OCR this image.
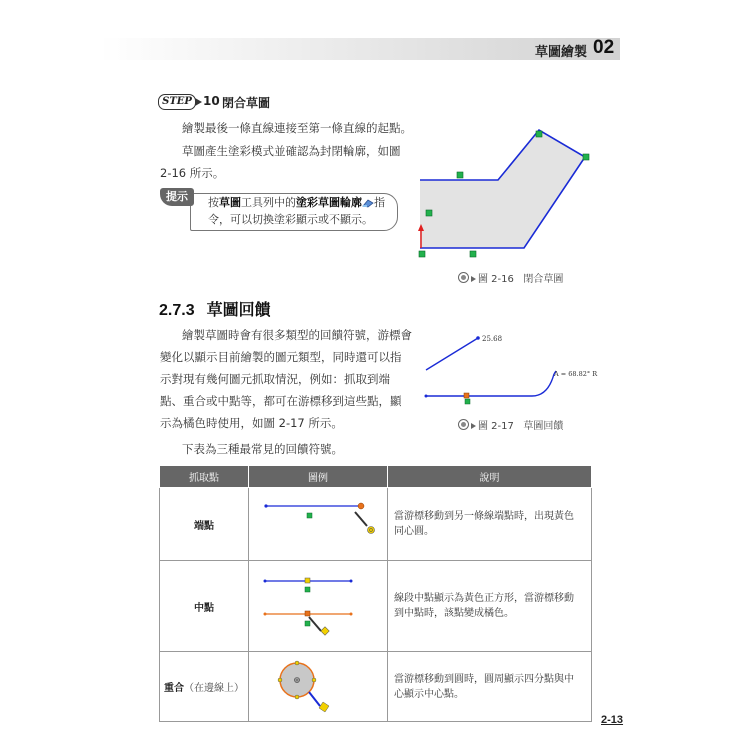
草圖繪製 02
STEP 10 閉合草圖
繪製最後一條直線連接至第一條直線的起點。
草圖產生塗彩模式並確認為封閉輪廓，如圖 2-16 所示。
提示	按草圖工具列中的塗彩草圖輪廓 指
令，可以切換塗彩顯示或不顯示。
圖 2-16 閉合草圖
2.7.3 草圖回饋
繪製草圖時會有很多類型的回饋符號，游標會變化以顯示目前繪製的圖元類型，同時還可以指示對現有幾何圖元抓取情況，例如：抓取到端點、重合或中點等，都可在游標移到這些點，顯示為橘色時使用，如圖 2-17 所示。
25.68
A = 68.82° R
圖 2-17 草圖回饋
下表為三種最常見的回饋符號。
抓取點	圖例	說明
端點		當游標移動到另一條線端點時，出現黃色同心圓。
中點		線段中點顯示為黃色正方形，當游標移動到中點時，該點變成橘色。
重合（在邊線上）		當游標移動到圓時，圓周顯示四分點與中心顯示中心點。
2-13
